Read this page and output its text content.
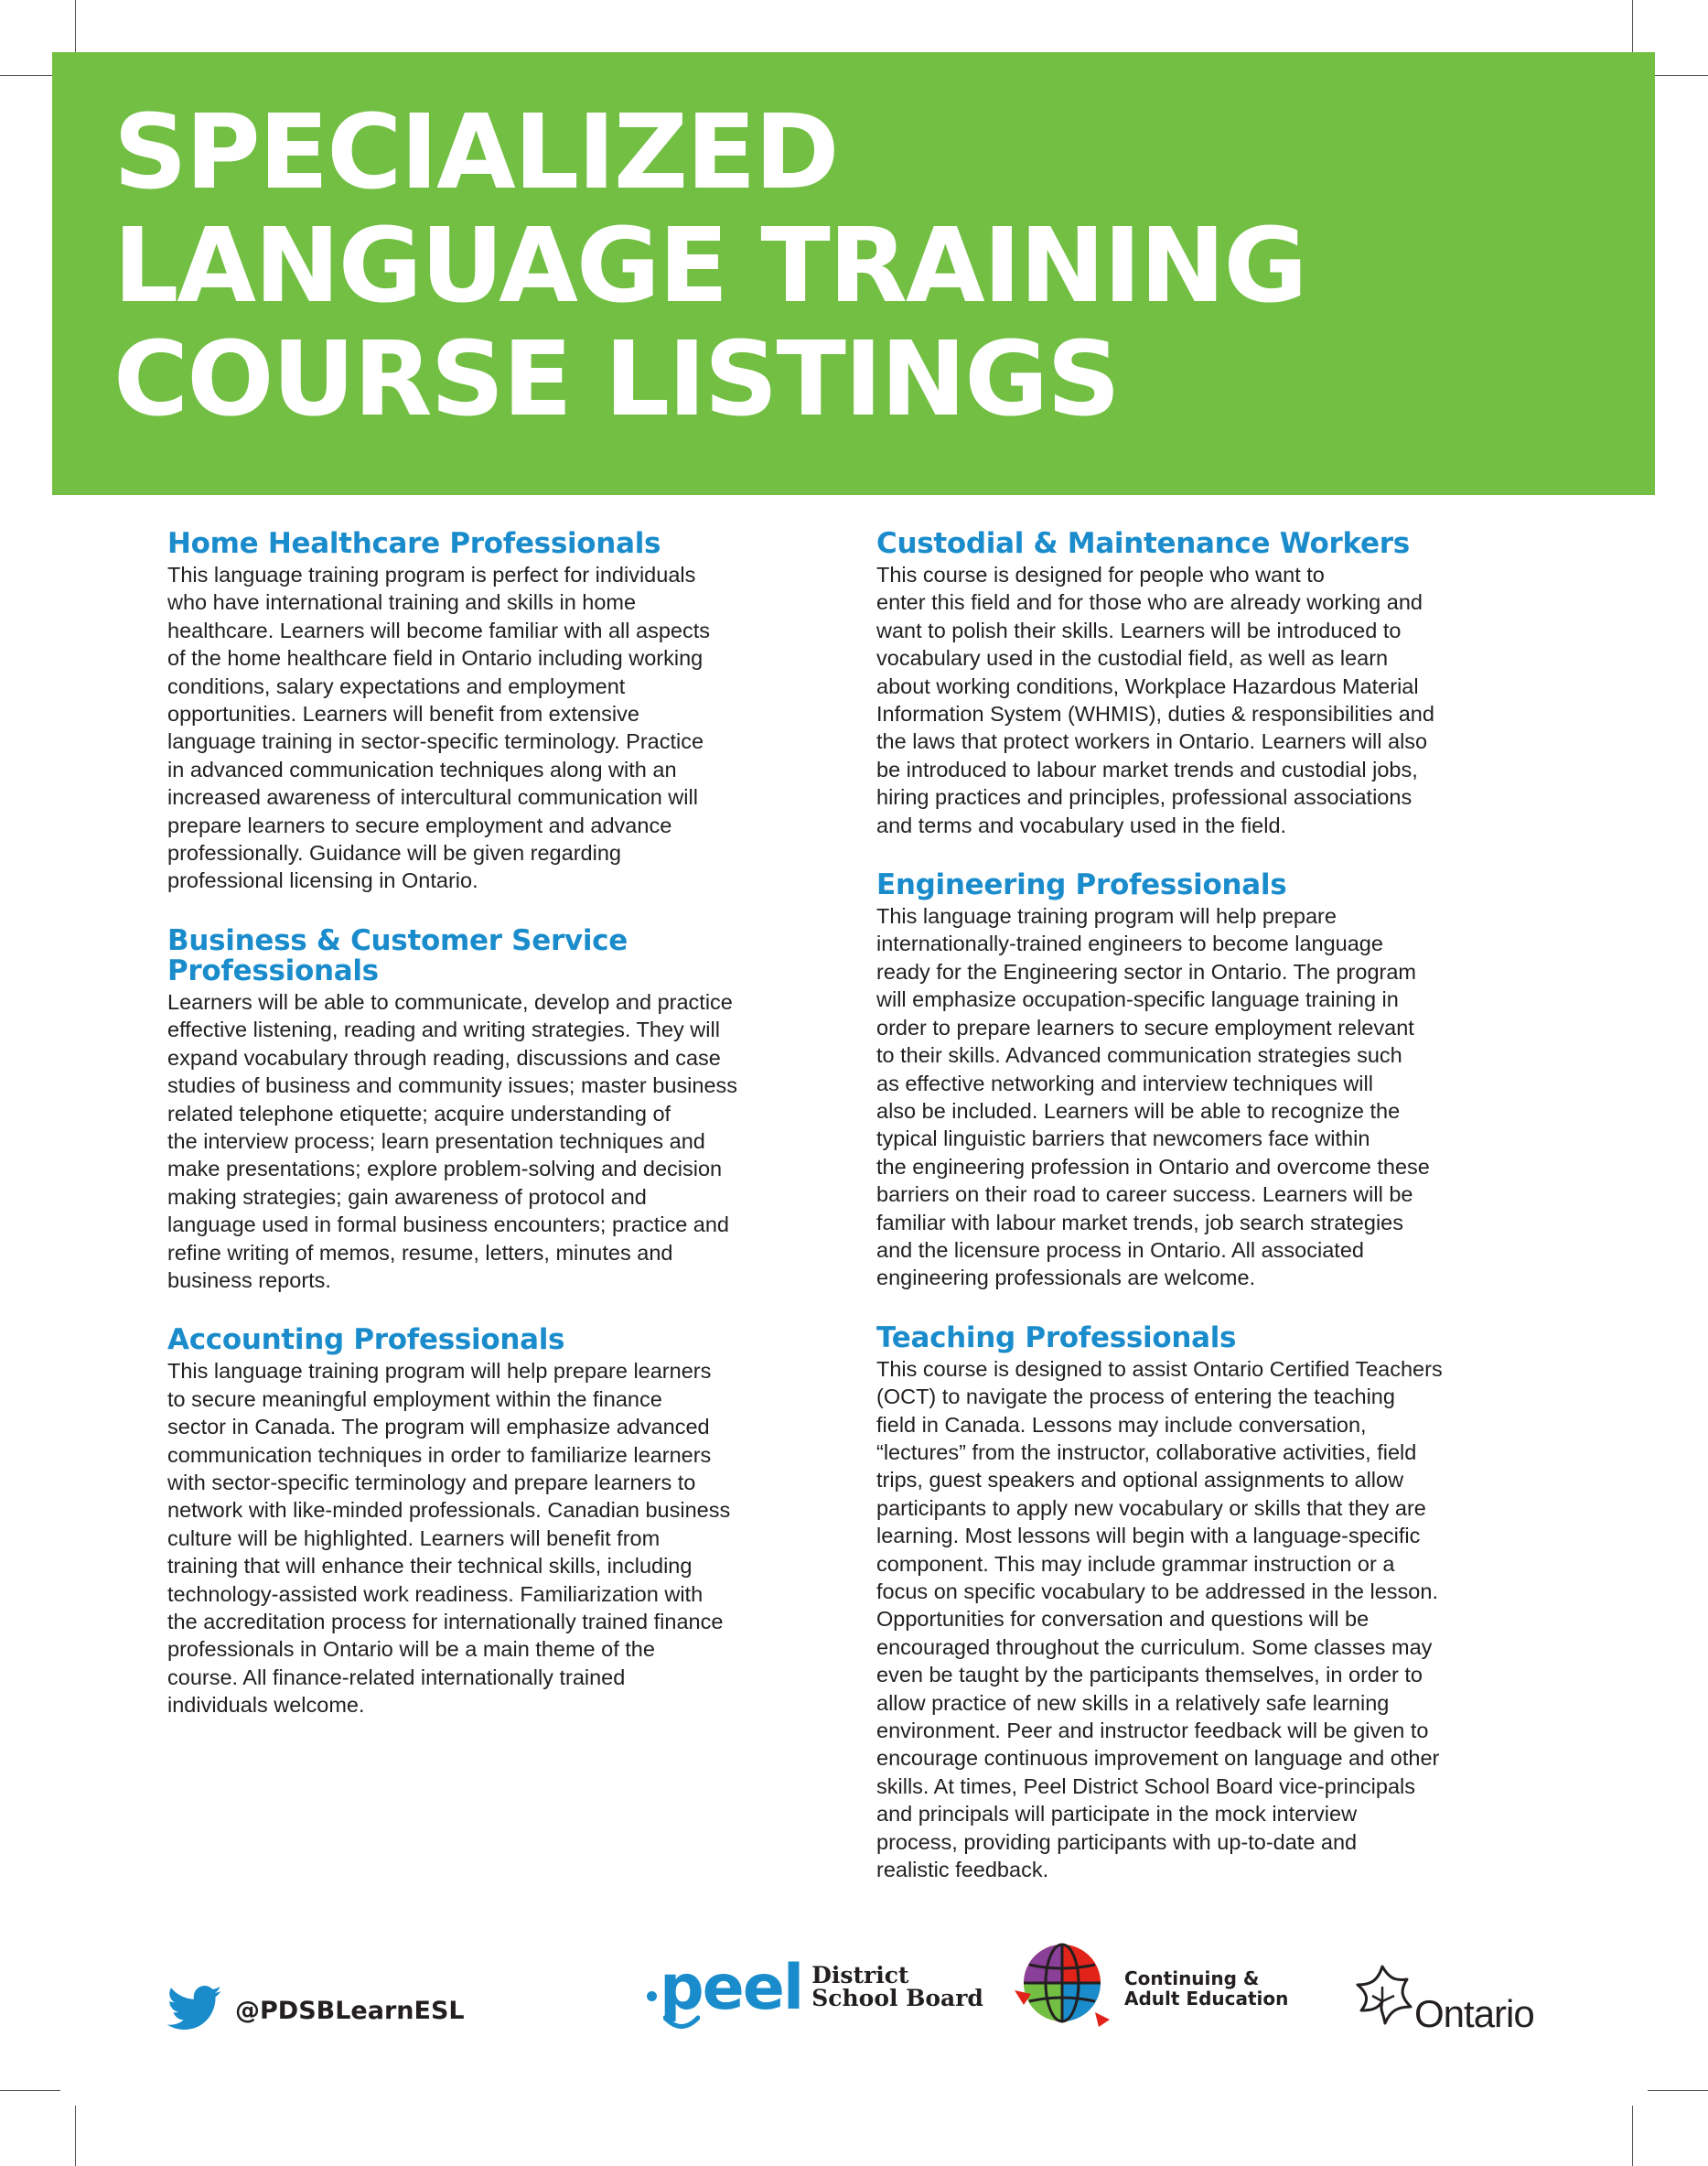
SPECIALIZED
LANGUAGE TRAINING
COURSE LISTINGS
Home Healthcare Professionals

This language training program is perfect for individuals
who have international training and skills in home
healthcare. Learners will become familiar with all aspects
of the home healthcare field in Ontario including working
conditions, salary expectations and employment
opportunities. Learners will benefit from extensive
language training in sector-specific terminology. Practice
in advanced communication techniques along with an
increased awareness of intercultural communication will
prepare learners to secure employment and advance
professionally. Guidance will be given regarding
professional licensing in Ontario.

Business & Customer Service
Professionals

Learners will be able to communicate, develop and practice
effective listening, reading and writing strategies. They will
expand vocabulary through reading, discussions and case
studies of business and community issues; master business
related telephone etiquette; acquire understanding of
the interview process; learn presentation techniques and
make presentations; explore problem-solving and decision
making strategies; gain awareness of protocol and
language used in formal business encounters; practice and
refine writing of memos, resume, letters, minutes and
business reports.

Accounting Professionals

This language training program will help prepare learners
to secure meaningful employment within the finance
sector in Canada. The program will emphasize advanced
communication techniques in order to familiarize learners
with sector-specific terminology and prepare learners to
network with like-minded professionals. Canadian business
culture will be highlighted. Learners will benefit from
training that will enhance their technical skills, including
technology-assisted work readiness. Familiarization with
the accreditation process for internationally trained finance
professionals in Ontario will be a main theme of the
course. All finance-related internationally trained
individuals welcome.

Custodial & Maintenance Workers

This course is designed for people who want to
enter this field and for those who are already working and
want to polish their skills. Learners will be introduced to
vocabulary used in the custodial field, as well as learn
about working conditions, Workplace Hazardous Material
Information System (WHMIS), duties & responsibilities and
the laws that protect workers in Ontario. Learners will also
be introduced to labour market trends and custodial jobs,
hiring practices and principles, professional associations
and terms and vocabulary used in the field.

Engineering Professionals

This language training program will help prepare
internationally-trained engineers to become language
ready for the Engineering sector in Ontario. The program
will emphasize occupation-specific language training in
order to prepare learners to secure employment relevant
to their skills. Advanced communication strategies such
as effective networking and interview techniques will
also be included. Learners will be able to recognize the
typical linguistic barriers that newcomers face within
the engineering profession in Ontario and overcome these
barriers on their road to career success. Learners will be
familiar with labour market trends, job search strategies
and the licensure process in Ontario. All associated
engineering professionals are welcome.

Teaching Professionals

This course is designed to assist Ontario Certified Teachers
(OCT) to navigate the process of entering the teaching
field in Canada. Lessons may include conversation,
“lectures” from the instructor, collaborative activities, field
trips, guest speakers and optional assignments to allow
participants to apply new vocabulary or skills that they are
learning. Most lessons will begin with a language-specific
component. This may include grammar instruction or a
focus on specific vocabulary to be addressed in the lesson.
Opportunities for conversation and questions will be
encouraged throughout the curriculum. Some classes may
even be taught by the participants themselves, in order to
allow practice of new skills in a relatively safe learning
environment. Peer and instructor feedback will be given to
encourage continuous improvement on language and other
skills. At times, Peel District School Board vice-principals
and principals will participate in the mock interview
process, providing participants with up-to-date and
realistic feedback.

@PDSBLearnESL	peel District
School Board
Continuing &
Adult Education	Ontario
